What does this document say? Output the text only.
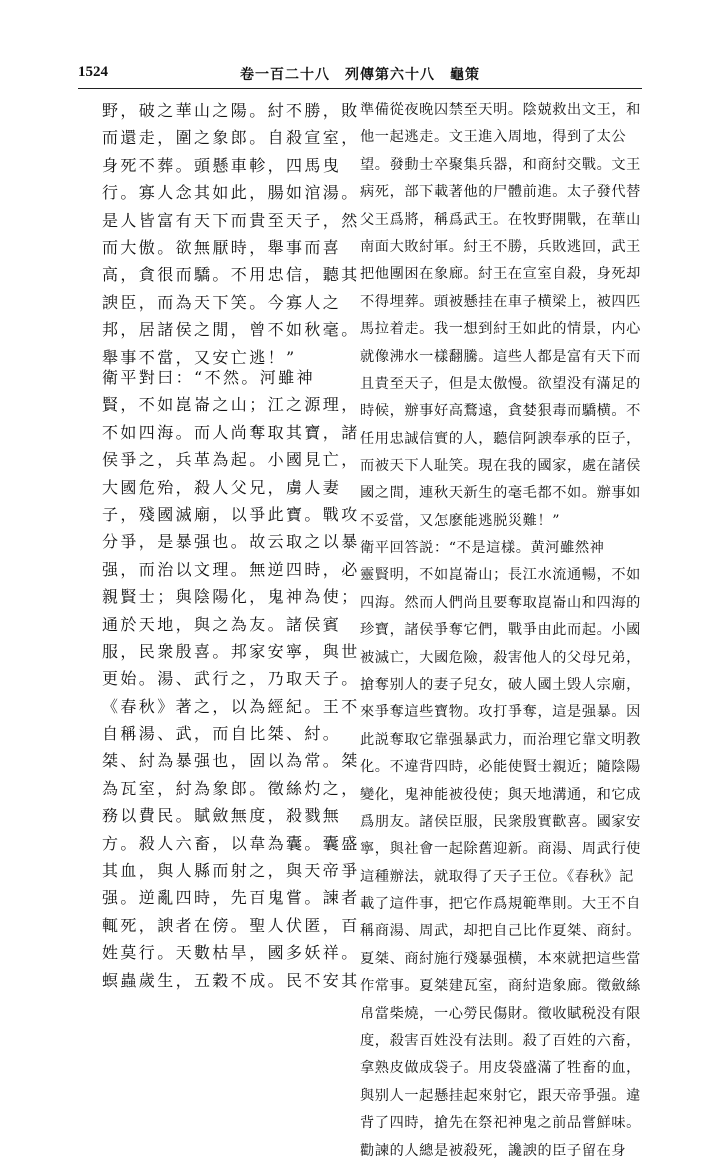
1524	卷一百二十八　列傳第六十八　龜策
野，破之華山之陽。紂不勝，敗
而還走，圍之象郎。自殺宣室，
身死不葬。頭懸車軫，四馬曳
行。寡人念其如此，腸如涫湯。
是人皆富有天下而貴至天子，然
而大傲。欲無厭時，舉事而喜
高，貪很而驕。不用忠信，聽其
諛臣，而為天下笑。今寡人之
邦，居諸侯之閒，曾不如秋毫。
舉事不當，又安亡逃！”
衛平對曰：“不然。河雖神
賢，不如崑崙之山；江之源理，
不如四海。而人尚奪取其寶，諸
侯爭之，兵革為起。小國見亡，
大國危殆，殺人父兄，虜人妻
子，殘國滅廟，以爭此寶。戰攻
分爭，是暴强也。故云取之以暴
强，而治以文理。無逆四時，必
親賢士；與陰陽化，鬼神為使；
通於天地，與之為友。諸侯賓
服，民衆殷喜。邦家安寧，與世
更始。湯、武行之，乃取天子。
《春秋》著之，以為經紀。王不
自稱湯、武，而自比桀、紂。
桀、紂為暴强也，固以為常。桀
為瓦室，紂為象郎。徵絲灼之，
務以費民。賦斂無度，殺戮無
方。殺人六畜，以韋為囊。囊盛
其血，與人縣而射之，與天帝爭
强。逆亂四時，先百鬼嘗。諫者
輒死，諛者在傍。聖人伏匿，百
姓莫行。天數枯旱，國多妖祥。
螟蟲歲生，五穀不成。民不安其
準備從夜晚囚禁至天明。陰兢救出文王，和
他一起逃走。文王進入周地，得到了太公
望。發動士卒聚集兵器，和商紂交戰。文王
病死，部下載著他的尸體前進。太子發代替
父王爲將，稱爲武王。在牧野開戰，在華山
南面大敗紂軍。紂王不勝，兵敗逃回，武王
把他團困在象廊。紂王在宣室自殺，身死却
不得埋葬。頭被懸挂在車子横梁上，被四匹
馬拉着走。我一想到紂王如此的情景，内心
就像沸水一樣翻騰。這些人都是富有天下而
且貴至天子，但是太傲慢。欲望没有滿足的
時候，辦事好高鶩遠，貪婪狠毒而驕横。不
任用忠誠信實的人，聽信阿諛奉承的臣子，
而被天下人耻笑。現在我的國家，處在諸侯
國之間，連秋天新生的毫毛都不如。辦事如
不妥當，又怎麽能逃脱災難！”
衛平回答説：“不是這樣。黄河雖然神
靈賢明，不如崑崙山；長江水流通暢，不如
四海。然而人們尚且要奪取崑崙山和四海的
珍寶，諸侯爭奪它們，戰爭由此而起。小國
被滅亡，大國危險，殺害他人的父母兄弟，
搶奪别人的妻子兒女，破人國土毁人宗廟，
來爭奪這些寶物。攻打爭奪，這是强暴。因
此説奪取它靠强暴武力，而治理它靠文明教
化。不違背四時，必能使賢士親近；隨陰陽
變化，鬼神能被役使；與天地溝通，和它成
爲朋友。諸侯臣服，民衆殷實歡喜。國家安
寧，與社會一起除舊迎新。商湯、周武行使
這種辦法，就取得了天子王位。《春秋》記
載了這件事，把它作爲規範準則。大王不自
稱商湯、周武，却把自己比作夏桀、商紂。
夏桀、商紂施行殘暴强横，本來就把這些當
作常事。夏桀建瓦室，商紂造象廊。徵斂絲
帛當柴燒，一心勞民傷財。徵收賦税没有限
度，殺害百姓没有法則。殺了百姓的六畜，
拿熟皮做成袋子。用皮袋盛滿了牲畜的血，
與别人一起懸挂起來射它，跟天帝爭强。違
背了四時，搶先在祭祀神鬼之前品嘗鮮味。
勸諫的人總是被殺死，讒諛的臣子留在身
